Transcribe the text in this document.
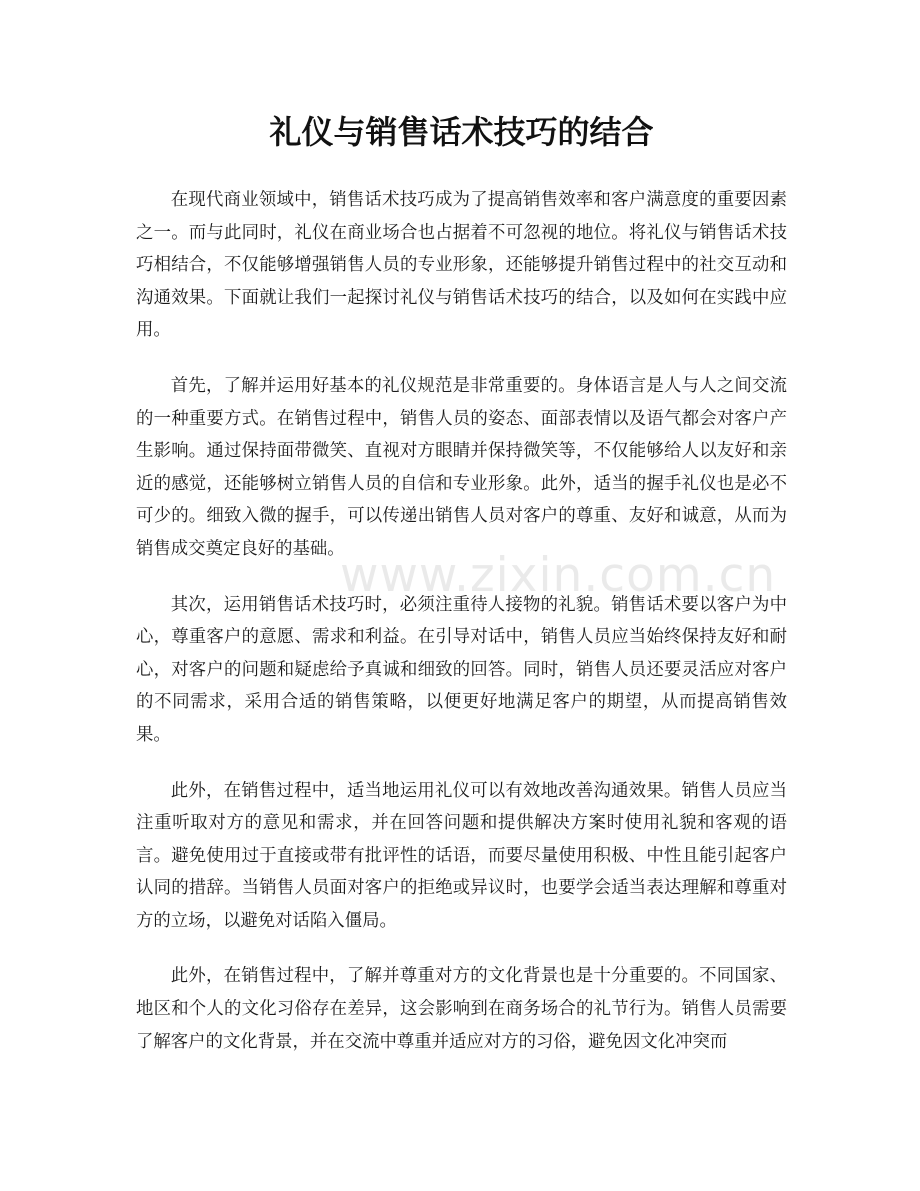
礼仪与销售话术技巧的结合

在现代商业领域中，销售话术技巧成为了提高销售效率和客户满意度的重要因素之一。而与此同时，礼仪在商业场合也占据着不可忽视的地位。将礼仪与销售话术技巧相结合，不仅能够增强销售人员的专业形象，还能够提升销售过程中的社交互动和沟通效果。下面就让我们一起探讨礼仪与销售话术技巧的结合，以及如何在实践中应用。

首先，了解并运用好基本的礼仪规范是非常重要的。身体语言是人与人之间交流的一种重要方式。在销售过程中，销售人员的姿态、面部表情以及语气都会对客户产生影响。通过保持面带微笑、直视对方眼睛并保持微笑等，不仅能够给人以友好和亲近的感觉，还能够树立销售人员的自信和专业形象。此外，适当的握手礼仪也是必不可少的。细致入微的握手，可以传递出销售人员对客户的尊重、友好和诚意，从而为销售成交奠定良好的基础。

其次，运用销售话术技巧时，必须注重待人接物的礼貌。销售话术要以客户为中心，尊重客户的意愿、需求和利益。在引导对话中，销售人员应当始终保持友好和耐心，对客户的问题和疑虑给予真诚和细致的回答。同时，销售人员还要灵活应对客户的不同需求，采用合适的销售策略，以便更好地满足客户的期望，从而提高销售效果。

此外，在销售过程中，适当地运用礼仪可以有效地改善沟通效果。销售人员应当注重听取对方的意见和需求，并在回答问题和提供解决方案时使用礼貌和客观的语言。避免使用过于直接或带有批评性的话语，而要尽量使用积极、中性且能引起客户认同的措辞。当销售人员面对客户的拒绝或异议时，也要学会适当表达理解和尊重对方的立场，以避免对话陷入僵局。

此外，在销售过程中，了解并尊重对方的文化背景也是十分重要的。不同国家、地区和个人的文化习俗存在差异，这会影响到在商务场合的礼节行为。销售人员需要了解客户的文化背景，并在交流中尊重并适应对方的习俗，避免因文化冲突而

www.zixin.com.cn
